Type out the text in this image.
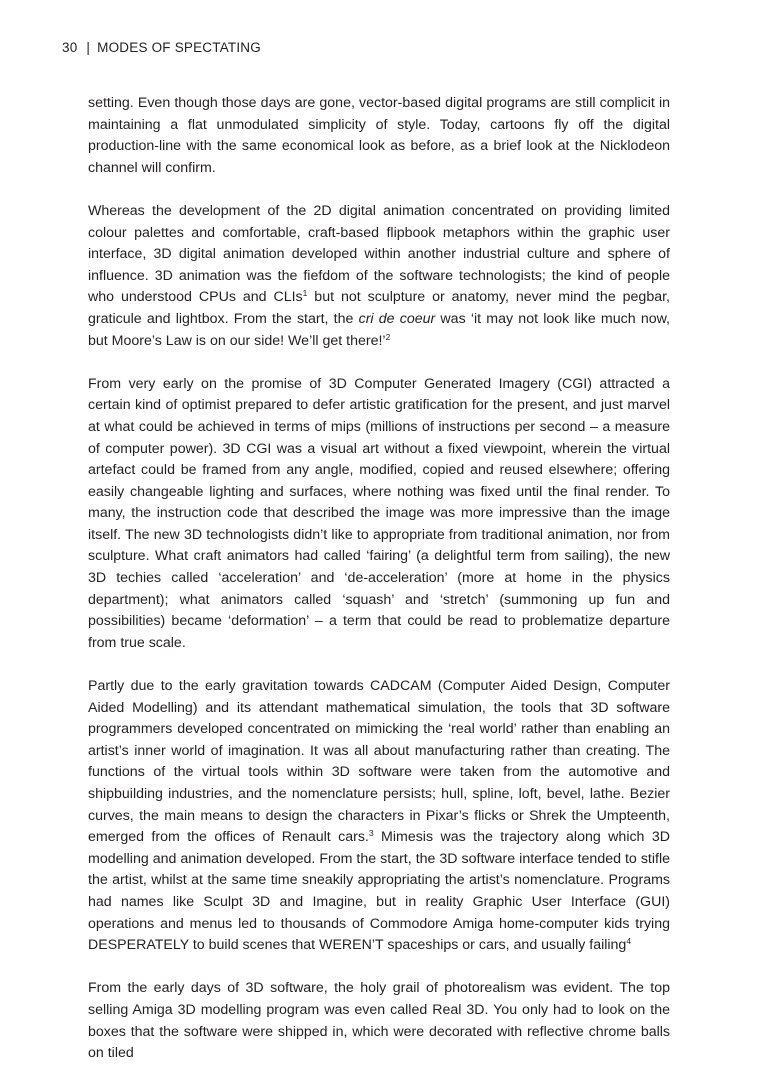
30 | MODES OF SPECTATING

setting. Even though those days are gone, vector-based digital programs are still complicit in maintaining a flat unmodulated simplicity of style. Today, cartoons fly off the digital production-line with the same economical look as before, as a brief look at the Nicklodeon channel will confirm.

Whereas the development of the 2D digital animation concentrated on providing limited colour palettes and comfortable, craft-based flipbook metaphors within the graphic user interface, 3D digital animation developed within another industrial culture and sphere of influence. 3D animation was the fiefdom of the software technologists; the kind of people who understood CPUs and CLIs$^1$ but not sculpture or anatomy, never mind the pegbar, graticule and lightbox. From the start, the cri de coeur was ‘it may not look like much now, but Moore’s Law is on our side! We’ll get there!’$^2$

From very early on the promise of 3D Computer Generated Imagery (CGI) attracted a certain kind of optimist prepared to defer artistic gratification for the present, and just marvel at what could be achieved in terms of mips (millions of instructions per second – a measure of computer power). 3D CGI was a visual art without a fixed viewpoint, wherein the virtual artefact could be framed from any angle, modified, copied and reused elsewhere; offering easily changeable lighting and surfaces, where nothing was fixed until the final render. To many, the instruction code that described the image was more impressive than the image itself. The new 3D technologists didn’t like to appropriate from traditional animation, nor from sculpture. What craft animators had called ‘fairing’ (a delightful term from sailing), the new 3D techies called ‘acceleration’ and ‘de-acceleration’ (more at home in the physics department); what animators called ‘squash’ and ‘stretch’ (summoning up fun and possibilities) became ‘deformation’ – a term that could be read to problematize departure from true scale.

Partly due to the early gravitation towards CADCAM (Computer Aided Design, Computer Aided Modelling) and its attendant mathematical simulation, the tools that 3D software programmers developed concentrated on mimicking the ‘real world’ rather than enabling an artist’s inner world of imagination. It was all about manufacturing rather than creating. The functions of the virtual tools within 3D software were taken from the automotive and shipbuilding industries, and the nomenclature persists; hull, spline, loft, bevel, lathe. Bezier curves, the main means to design the characters in Pixar’s flicks or Shrek the Umpteenth, emerged from the offices of Renault cars.$^3$ Mimesis was the trajectory along which 3D modelling and animation developed. From the start, the 3D software interface tended to stifle the artist, whilst at the same time sneakily appropriating the artist’s nomenclature. Programs had names like Sculpt 3D and Imagine, but in reality Graphic User Interface (GUI) operations and menus led to thousands of Commodore Amiga home-computer kids trying DESPERATELY to build scenes that WEREN’T spaceships or cars, and usually failing$^4$

From the early days of 3D software, the holy grail of photorealism was evident. The top selling Amiga 3D modelling program was even called Real 3D. You only had to look on the boxes that the software were shipped in, which were decorated with reflective chrome balls on tiled
